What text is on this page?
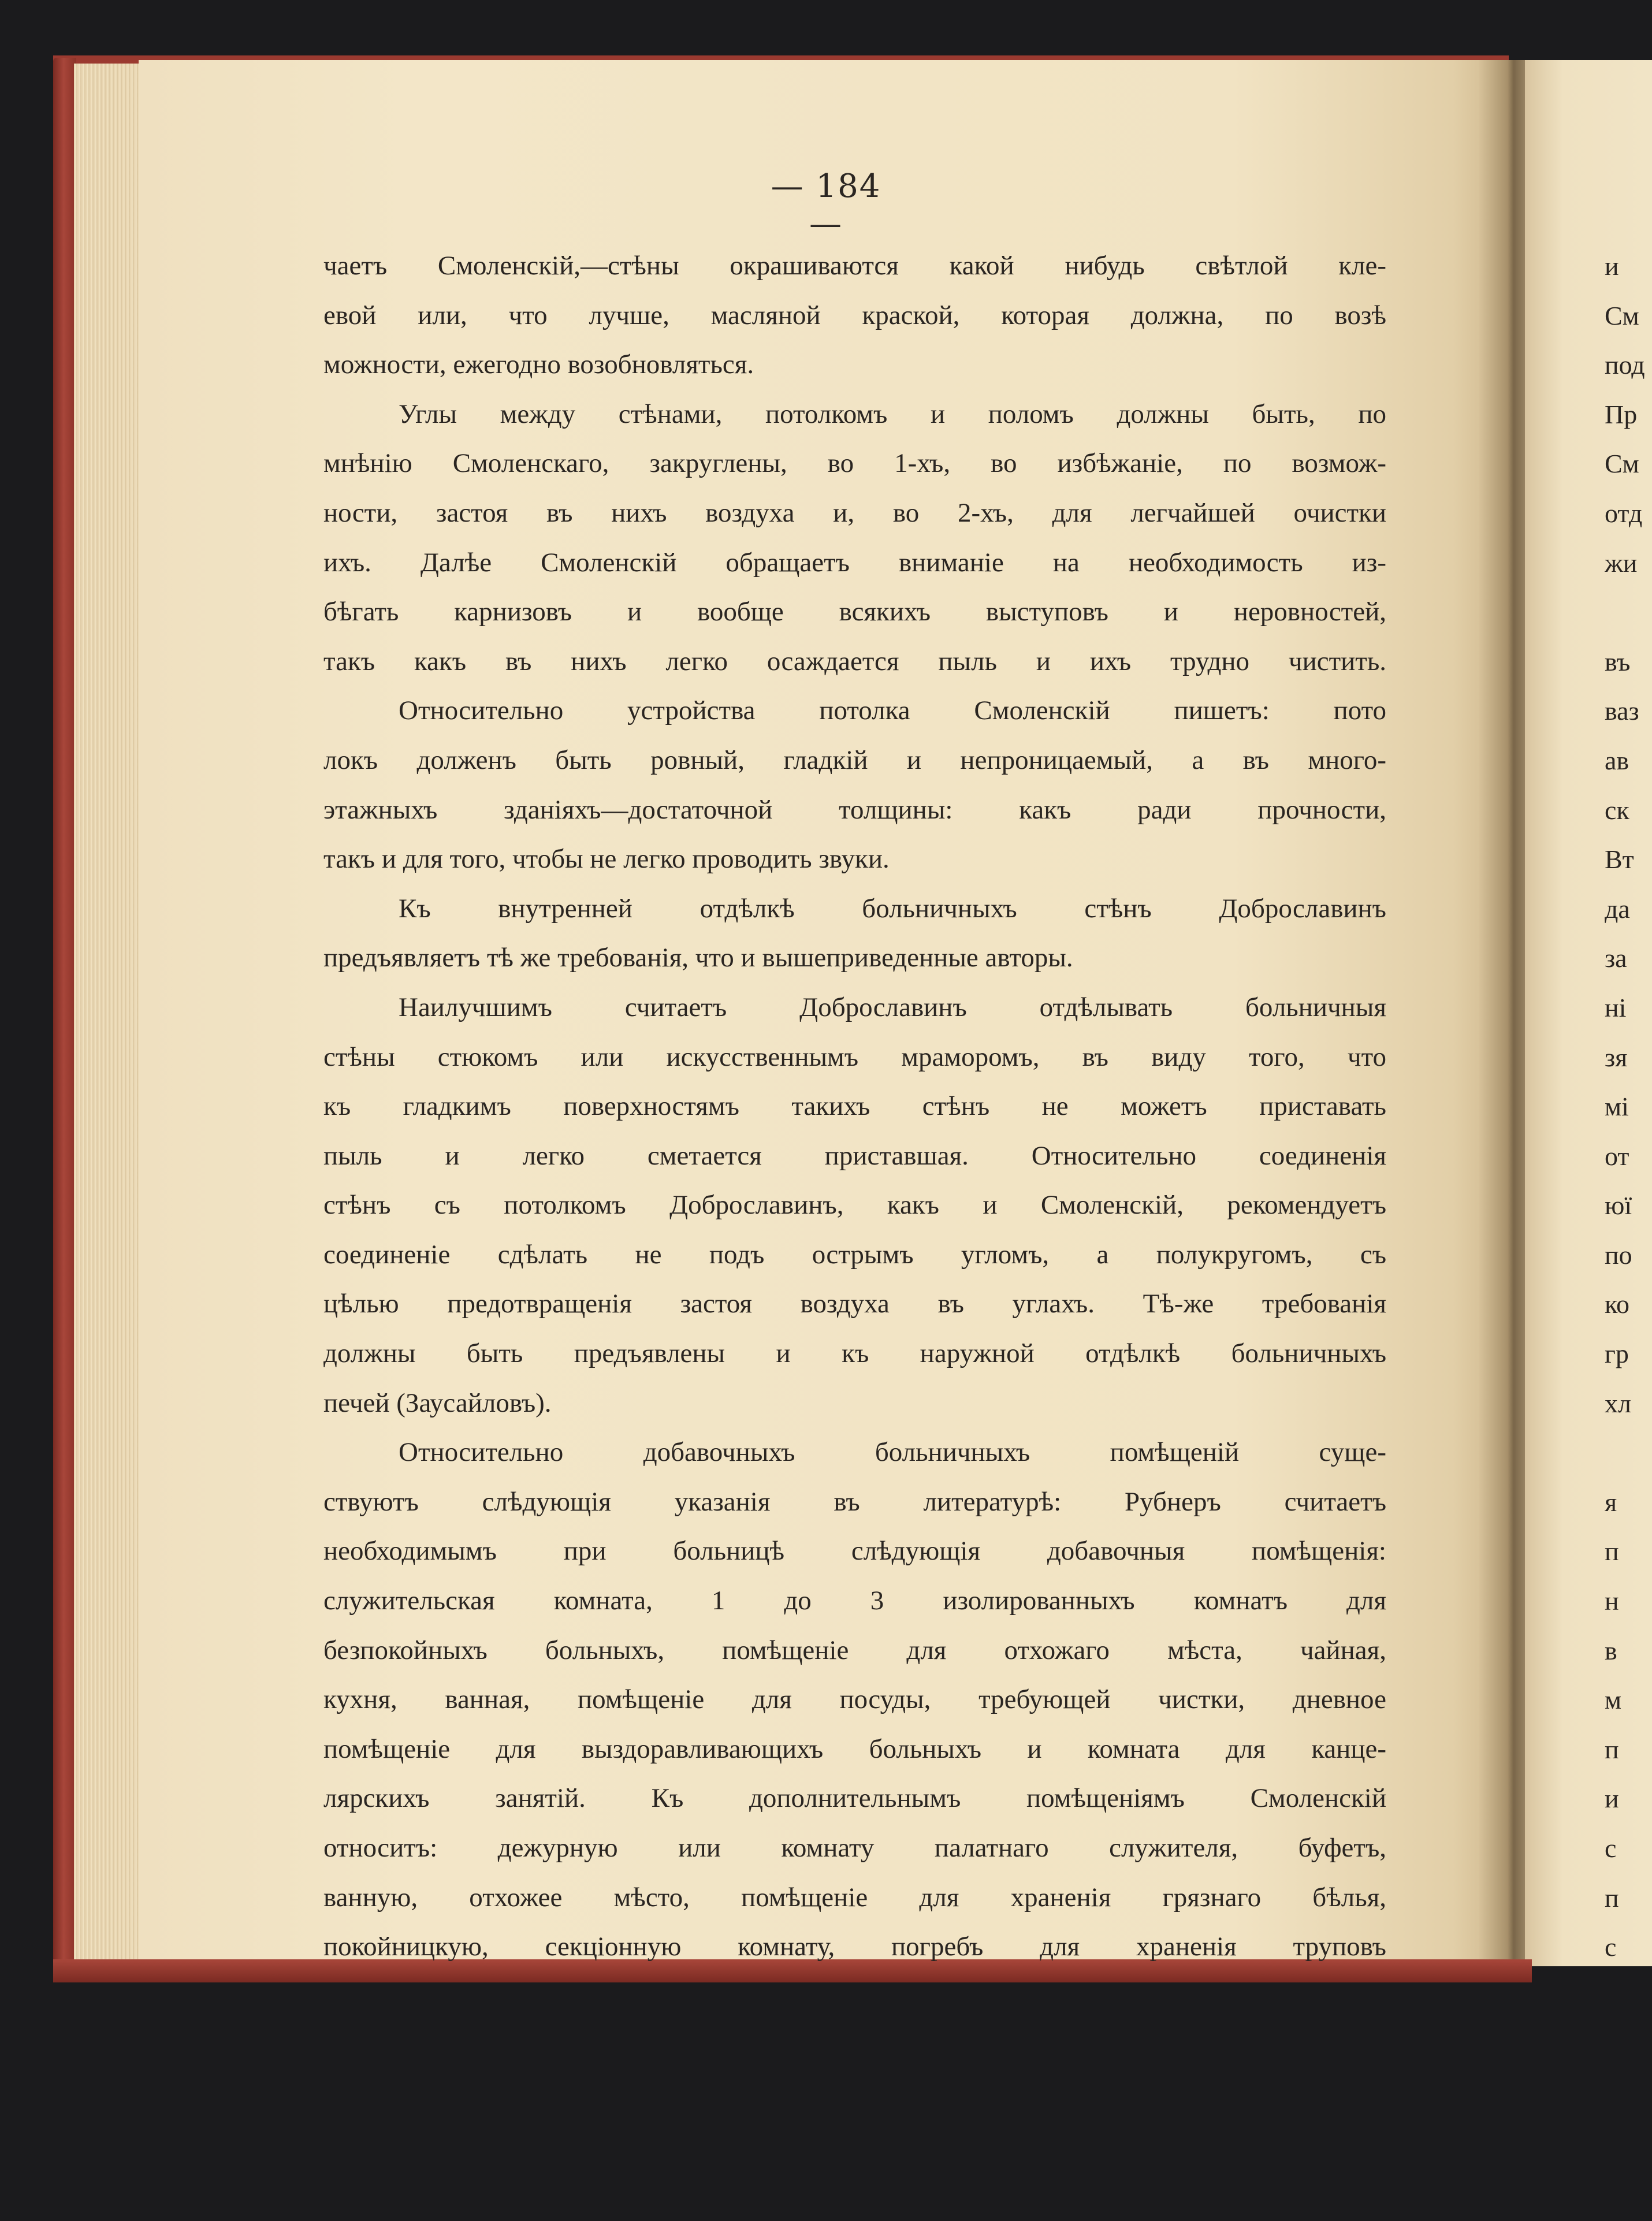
— 184 —
чаетъ Смоленскій,—стѣны окрашиваются какой нибудь свѣтлой кле-
евой или, что лучше, масляной краской, которая должна, по возѣ
можности, ежегодно возобновляться.
Углы между стѣнами, потолкомъ и поломъ должны быть, по
мнѣнію Смоленскаго, закруглены, во 1-хъ, во избѣжаніе, по возмож-
ности, застоя въ нихъ воздуха и, во 2-хъ, для легчайшей очистки
ихъ. Далѣе Смоленскій обращаетъ вниманіе на необходимость из-
бѣгать карнизовъ и вообще всякихъ выступовъ и неровностей,
такъ какъ въ нихъ легко осаждается пыль и ихъ трудно чистить.
Относительно устройства потолка Смоленскій пишетъ: пото
локъ долженъ быть ровный, гладкій и непроницаемый, а въ много-
этажныхъ зданіяхъ—достаточной толщины: какъ ради прочности,
такъ и для того, чтобы не легко проводить звуки.
Къ внутренней отдѣлкѣ больничныхъ стѣнъ Доброславинъ
предъявляетъ тѣ же требованія, что и вышеприведенные авторы.
Наилучшимъ считаетъ Доброславинъ отдѣлывать больничныя
стѣны стюкомъ или искусственнымъ мраморомъ, въ виду того, что
къ гладкимъ поверхностямъ такихъ стѣнъ не можетъ приставать
пыль и легко сметается приставшая. Относительно соединенія
стѣнъ съ потолкомъ Доброславинъ, какъ и Смоленскій, рекомендуетъ
соединеніе сдѣлать не подъ острымъ угломъ, а полукругомъ, съ
цѣлью предотвращенія застоя воздуха въ углахъ. Тѣ-же требованія
должны быть предъявлены и къ наружной отдѣлкѣ больничныхъ
печей (Заусайловъ).
Относительно добавочныхъ больничныхъ помѣщеній суще-
ствуютъ слѣдующія указанія въ литературѣ: Рубнеръ считаетъ
необходимымъ при больницѣ слѣдующія добавочныя помѣщенія:
служительская комната, 1 до 3 изолированныхъ комнатъ для
безпокойныхъ больныхъ, помѣщеніе для отхожаго мѣста, чайная,
кухня, ванная, помѣщеніе для посуды, требующей чистки, дневное
помѣщеніе для выздоравливающихъ больныхъ и комната для канце-
лярскихъ занятій. Къ дополнительнымъ помѣщеніямъ Смоленскій
относитъ: дежурную или комнату палатнаго служителя, буфетъ,
ванную, отхожее мѣсто, помѣщеніе для храненія грязнаго бѣлья,
покойницкую, секціонную комнату, погребъ для храненія труповъ
и
См
под
Пр
См
отд
жи
въ
ваз
ав
ск
Вт
да
за
ні
зя
мі
от
юї
по
ко
гр
хл
я
п
н
в
м
п
и
с
п
с
